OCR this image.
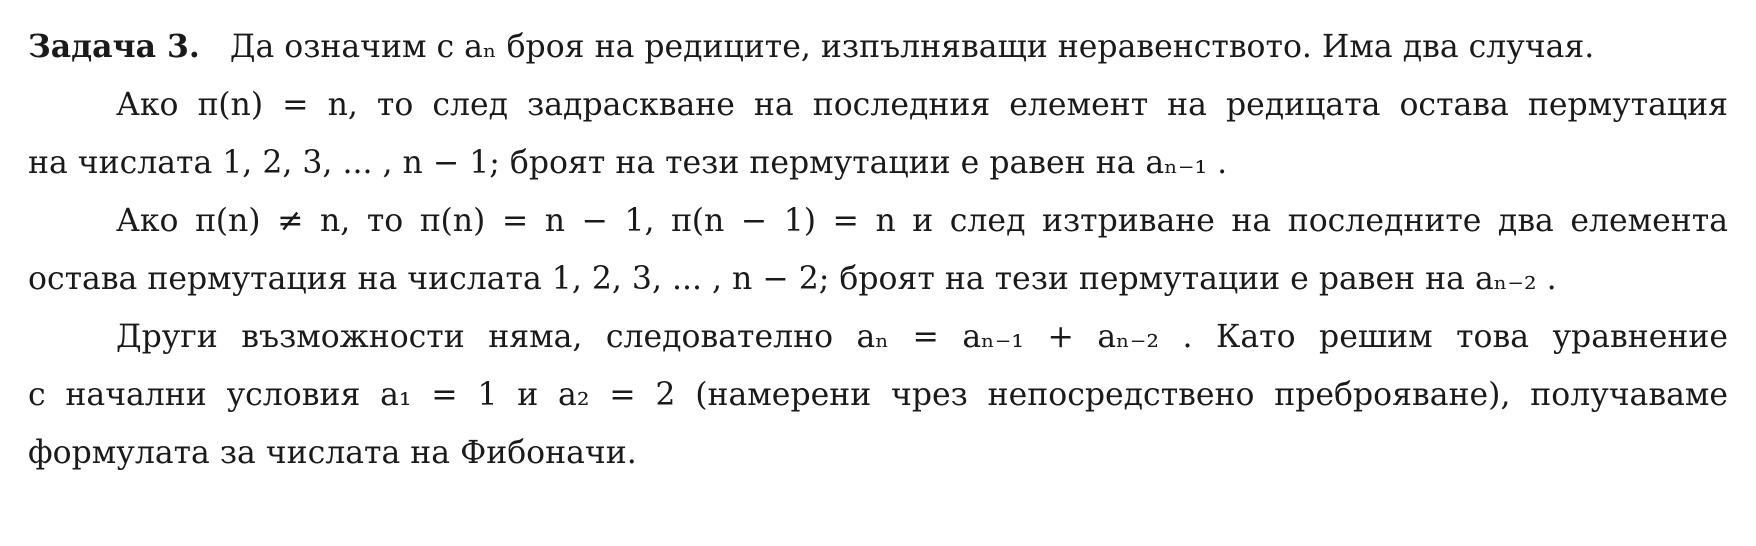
Задача 3. Да означим с aₙ броя на редиците, изпълняващи неравенството. Има два случая.
Ако π(n) = n, то след задраскване на последния елемент на редицата остава пермутация
на числата 1, 2, 3, ... , n − 1; броят на тези пермутации е равен на aₙ₋₁ .
Ако π(n) ≠ n, то π(n) = n − 1, π(n − 1) = n и след изтриване на последните два елемента
остава пермутация на числата 1, 2, 3, ... , n − 2; броят на тези пермутации е равен на aₙ₋₂ .
Други възможности няма, следователно aₙ = aₙ₋₁ + aₙ₋₂ . Като решим това уравнение
с начални условия a₁ = 1 и a₂ = 2 (намерени чрез непосредствено преброяване), получаваме
формулата за числата на Фибоначи.
